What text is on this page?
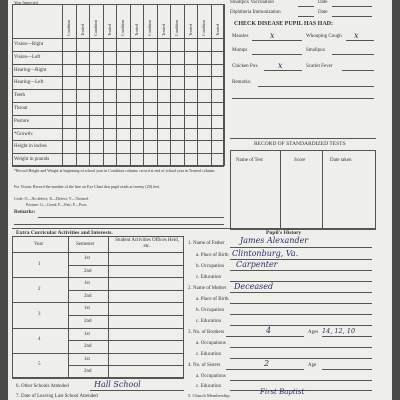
Year Inspected
Condition Treated Condition Treated Condition Treated Condition Treated Condition Treated Condition Treated
Vision—Right
Vision—Left
Hearing—Right
Hearing—Left
Teeth
Throat
Posture
*Growth:
Height in inches
Weight in pounds
*Record Height and Weight at beginning of school year in Condition column; record at end of school year in Treated column.
For Vision: Record the number of the line on Eye Chart that pupil reads at twenty (20) feet.
Code: O—No defect; X—Defect; V—Treated.
Posture: G—Good; F—Fair; P—Poor.
Remarks:
Smallpox Vaccination	Date
Diphtheria Immunization	Date
CHECK DISEASE PUPIL HAS HAD:
Measles	x	Whooping Cough x
Mumps	Smallpox
Chicken Pox	x	Scarlet Fever
Remarks:
RECORD OF STANDARDIZED TESTS
Name of Test	Score	Date taken
Extra Curricular Activities and Interests.
Year	Semester
Student Activities Offices Held, etc.
1
1st
2nd
2
1st
2nd
3
1st
2nd
4
1st
2nd
5
1st
2nd
Pupil's History
1. Name of Father James Alexander
a. Place of Birth Clintonburg, Va.
b. Occupation Carpenter
c. Education
2. Name of Mother Deceased
a. Place of Birth
b. Occupation
c. Education
3. No. of Brothers	4	Ages 14, 12, 10
a. Occupations
c. Education
4. No. of Sisters	2	Age
a. Occupations
c. Education
5. Church Membership	First Baptist
6. Other Schools Attended	Hall School
7. Date of Leaving Last School Attended
